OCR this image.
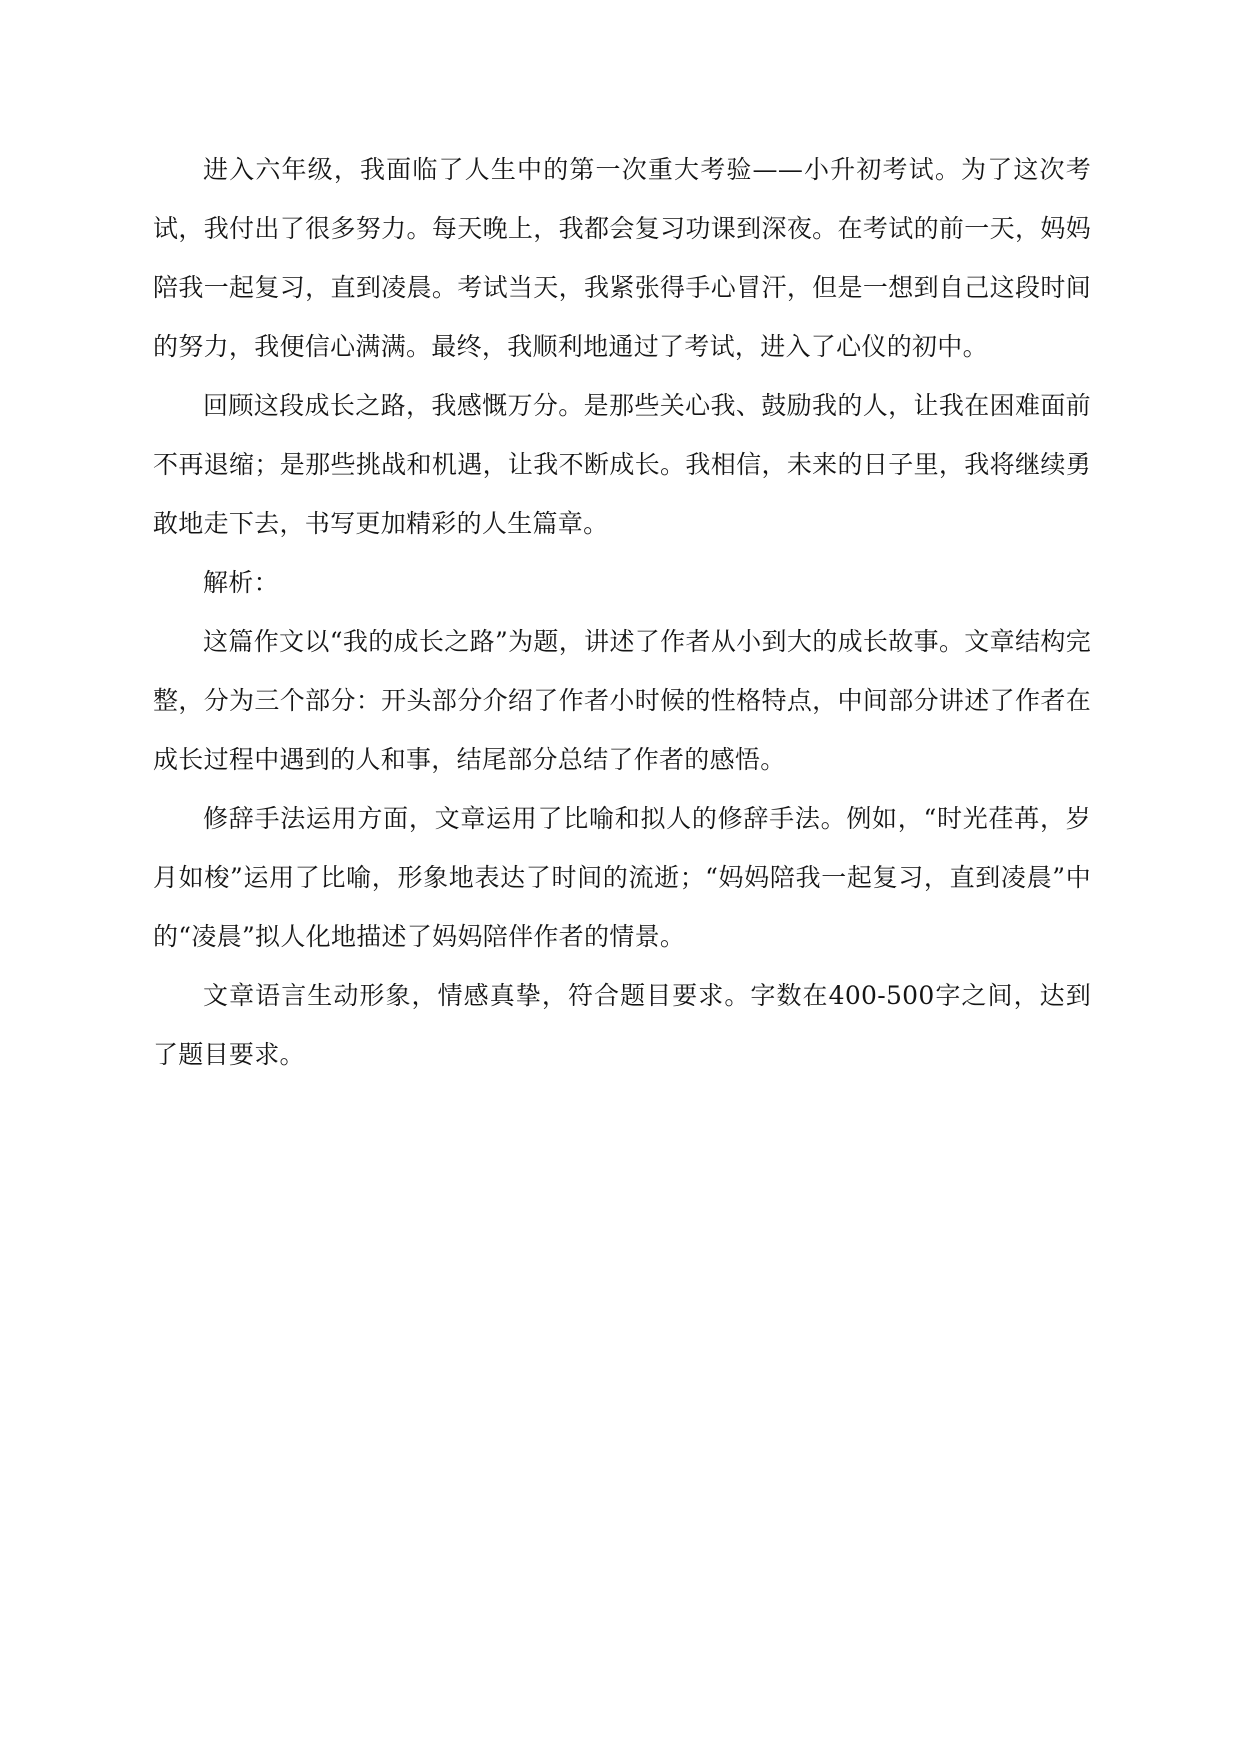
进入六年级，我面临了人生中的第一次重大考验——小升初考试。为了这次考试，我付出了很多努力。每天晚上，我都会复习功课到深夜。在考试的前一天，妈妈陪我一起复习，直到凌晨。考试当天，我紧张得手心冒汗，但是一想到自己这段时间的努力，我便信心满满。最终，我顺利地通过了考试，进入了心仪的初中。

回顾这段成长之路，我感慨万分。是那些关心我、鼓励我的人，让我在困难面前不再退缩；是那些挑战和机遇，让我不断成长。我相信，未来的日子里，我将继续勇敢地走下去，书写更加精彩的人生篇章。

解析：

这篇作文以“我的成长之路”为题，讲述了作者从小到大的成长故事。文章结构完整，分为三个部分：开头部分介绍了作者小时候的性格特点，中间部分讲述了作者在成长过程中遇到的人和事，结尾部分总结了作者的感悟。

修辞手法运用方面，文章运用了比喻和拟人的修辞手法。例如，“时光荏苒，岁月如梭”运用了比喻，形象地表达了时间的流逝；“妈妈陪我一起复习，直到凌晨”中的“凌晨”拟人化地描述了妈妈陪伴作者的情景。

文章语言生动形象，情感真挚，符合题目要求。字数在400-500字之间，达到了题目要求。
